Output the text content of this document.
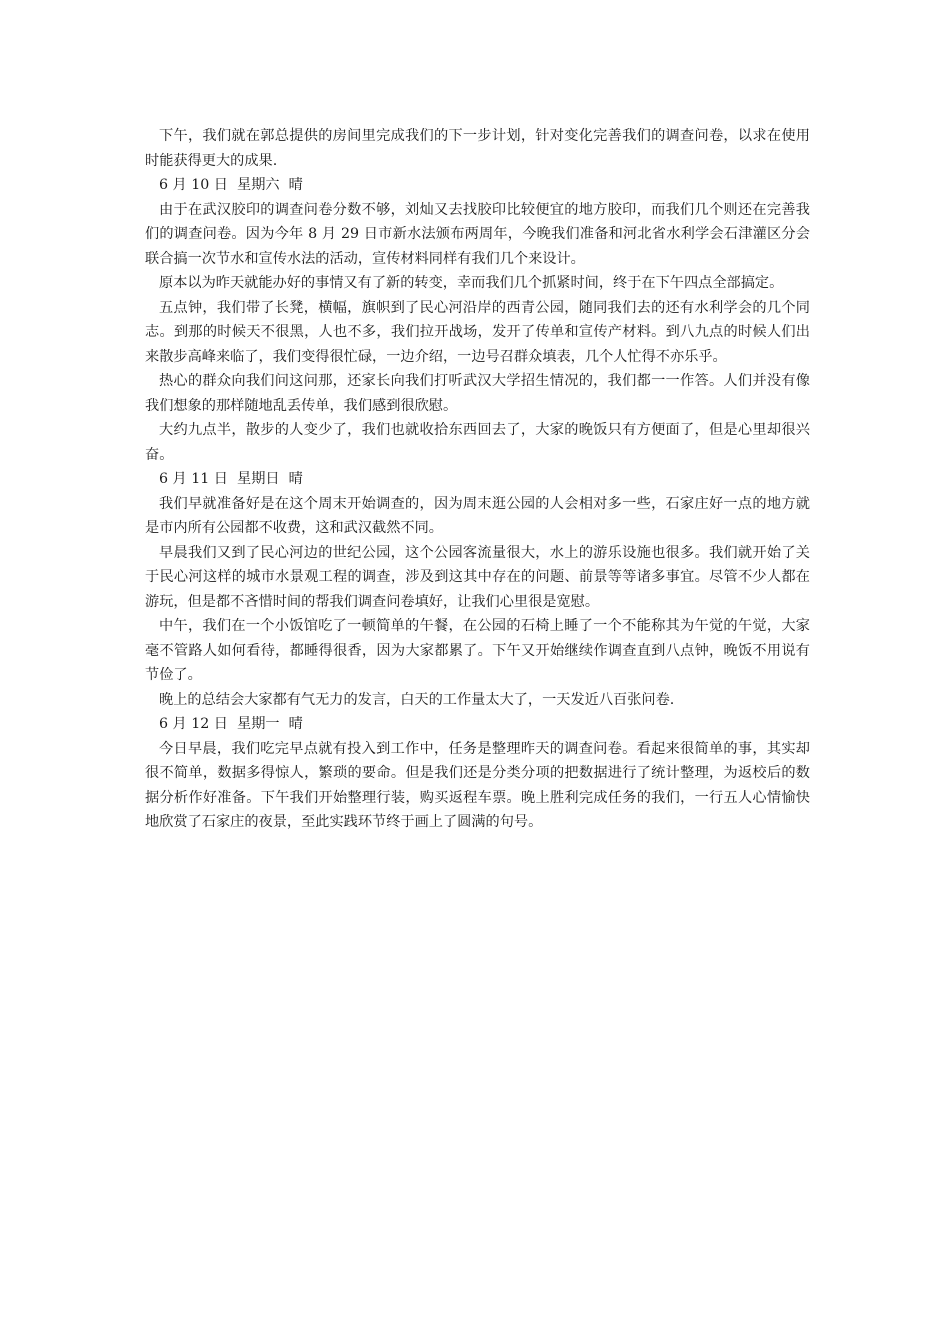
下午，我们就在郭总提供的房间里完成我们的下一步计划，针对变化完善我们的调查问卷，以求在使用时能获得更大的成果.

6 月 10 日  星期六  晴

由于在武汉胶印的调查问卷分数不够，刘灿又去找胶印比较便宜的地方胶印，而我们几个则还在完善我们的调查问卷。因为今年 8 月 29 日市新水法颁布两周年，今晚我们准备和河北省水利学会石津灌区分会联合搞一次节水和宣传水法的活动，宣传材料同样有我们几个来设计。

原本以为昨天就能办好的事情又有了新的转变，幸而我们几个抓紧时间，终于在下午四点全部搞定。

五点钟，我们带了长凳，横幅，旗帜到了民心河沿岸的西青公园，随同我们去的还有水利学会的几个同志。到那的时候天不很黑，人也不多，我们拉开战场，发开了传单和宣传产材料。到八九点的时候人们出来散步高峰来临了，我们变得很忙碌，一边介绍，一边号召群众填表，几个人忙得不亦乐乎。

热心的群众向我们问这问那，还家长向我们打听武汉大学招生情况的，我们都一一作答。人们并没有像我们想象的那样随地乱丢传单，我们感到很欣慰。

大约九点半，散步的人变少了，我们也就收拾东西回去了，大家的晚饭只有方便面了，但是心里却很兴奋。

6 月 11 日  星期日  晴

我们早就准备好是在这个周末开始调查的，因为周末逛公园的人会相对多一些，石家庄好一点的地方就是市内所有公园都不收费，这和武汉截然不同。

早晨我们又到了民心河边的世纪公园，这个公园客流量很大，水上的游乐设施也很多。我们就开始了关于民心河这样的城市水景观工程的调查，涉及到这其中存在的问题、前景等等诸多事宜。尽管不少人都在游玩，但是都不吝惜时间的帮我们调查问卷填好，让我们心里很是宽慰。

中午，我们在一个小饭馆吃了一顿简单的午餐，在公园的石椅上睡了一个不能称其为午觉的午觉，大家毫不管路人如何看待，都睡得很香，因为大家都累了。下午又开始继续作调查直到八点钟，晚饭不用说有节俭了。

晚上的总结会大家都有气无力的发言，白天的工作量太大了，一天发近八百张问卷.

6 月 12 日  星期一  晴

今日早晨，我们吃完早点就有投入到工作中，任务是整理昨天的调查问卷。看起来很简单的事，其实却很不简单，数据多得惊人，繁琐的要命。但是我们还是分类分项的把数据进行了统计整理，为返校后的数据分析作好准备。下午我们开始整理行装，购买返程车票。晚上胜利完成任务的我们，一行五人心情愉快地欣赏了石家庄的夜景，至此实践环节终于画上了圆满的句号。
